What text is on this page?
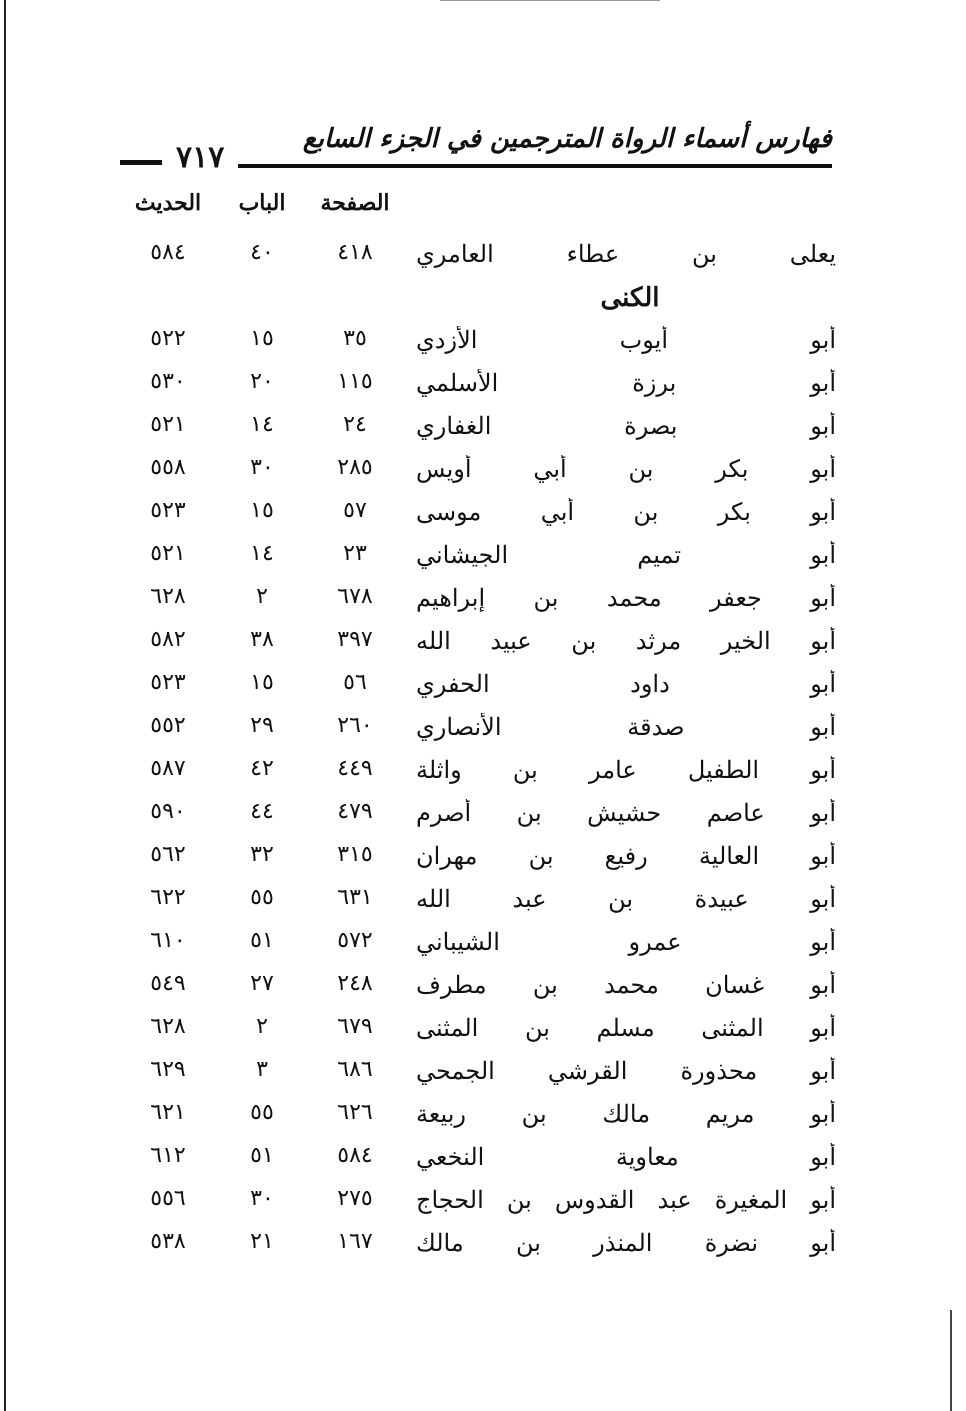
٧١٧
فهارس أسماء الرواة المترجمين في الجزء السابع
الحديث	الباب	الصفحة
٥٨٤	٤٠	٤١٨	يعلى بن عطاء العامري
الكنى
٥٢٢	١٥	٣٥	أبو أيوب الأزدي
٥٣٠	٢٠	١١٥	أبو برزة الأسلمي
٥٢١	١٤	٢٤	أبو بصرة الغفاري
٥٥٨	٣٠	٢٨٥	أبو بكر بن أبي أويس
٥٢٣	١٥	٥٧	أبو بكر بن أبي موسى
٥٢١	١٤	٢٣	أبو تميم الجيشاني
٦٢٨	٢	٦٧٨	أبو جعفر محمد بن إبراهيم
٥٨٢	٣٨	٣٩٧	أبو الخير مرثد بن عبيد الله
٥٢٣	١٥	٥٦	أبو داود الحفري
٥٥٢	٢٩	٢٦٠	أبو صدقة الأنصاري
٥٨٧	٤٢	٤٤٩	أبو الطفيل عامر بن واثلة
٥٩٠	٤٤	٤٧٩	أبو عاصم حشيش بن أصرم
٥٦٢	٣٢	٣١٥	أبو العالية رفيع بن مهران
٦٢٢	٥٥	٦٣١	أبو عبيدة بن عبد الله
٦١٠	٥١	٥٧٢	أبو عمرو الشيباني
٥٤٩	٢٧	٢٤٨	أبو غسان محمد بن مطرف
٦٢٨	٢	٦٧٩	أبو المثنى مسلم بن المثنى
٦٢٩	٣	٦٨٦	أبو محذورة القرشي الجمحي
٦٢١	٥٥	٦٢٦	أبو مريم مالك بن ربيعة
٦١٢	٥١	٥٨٤	أبو معاوية النخعي
٥٥٦	٣٠	٢٧٥	أبو المغيرة عبد القدوس بن الحجاج
٥٣٨	٢١	١٦٧	أبو نضرة المنذر بن مالك
